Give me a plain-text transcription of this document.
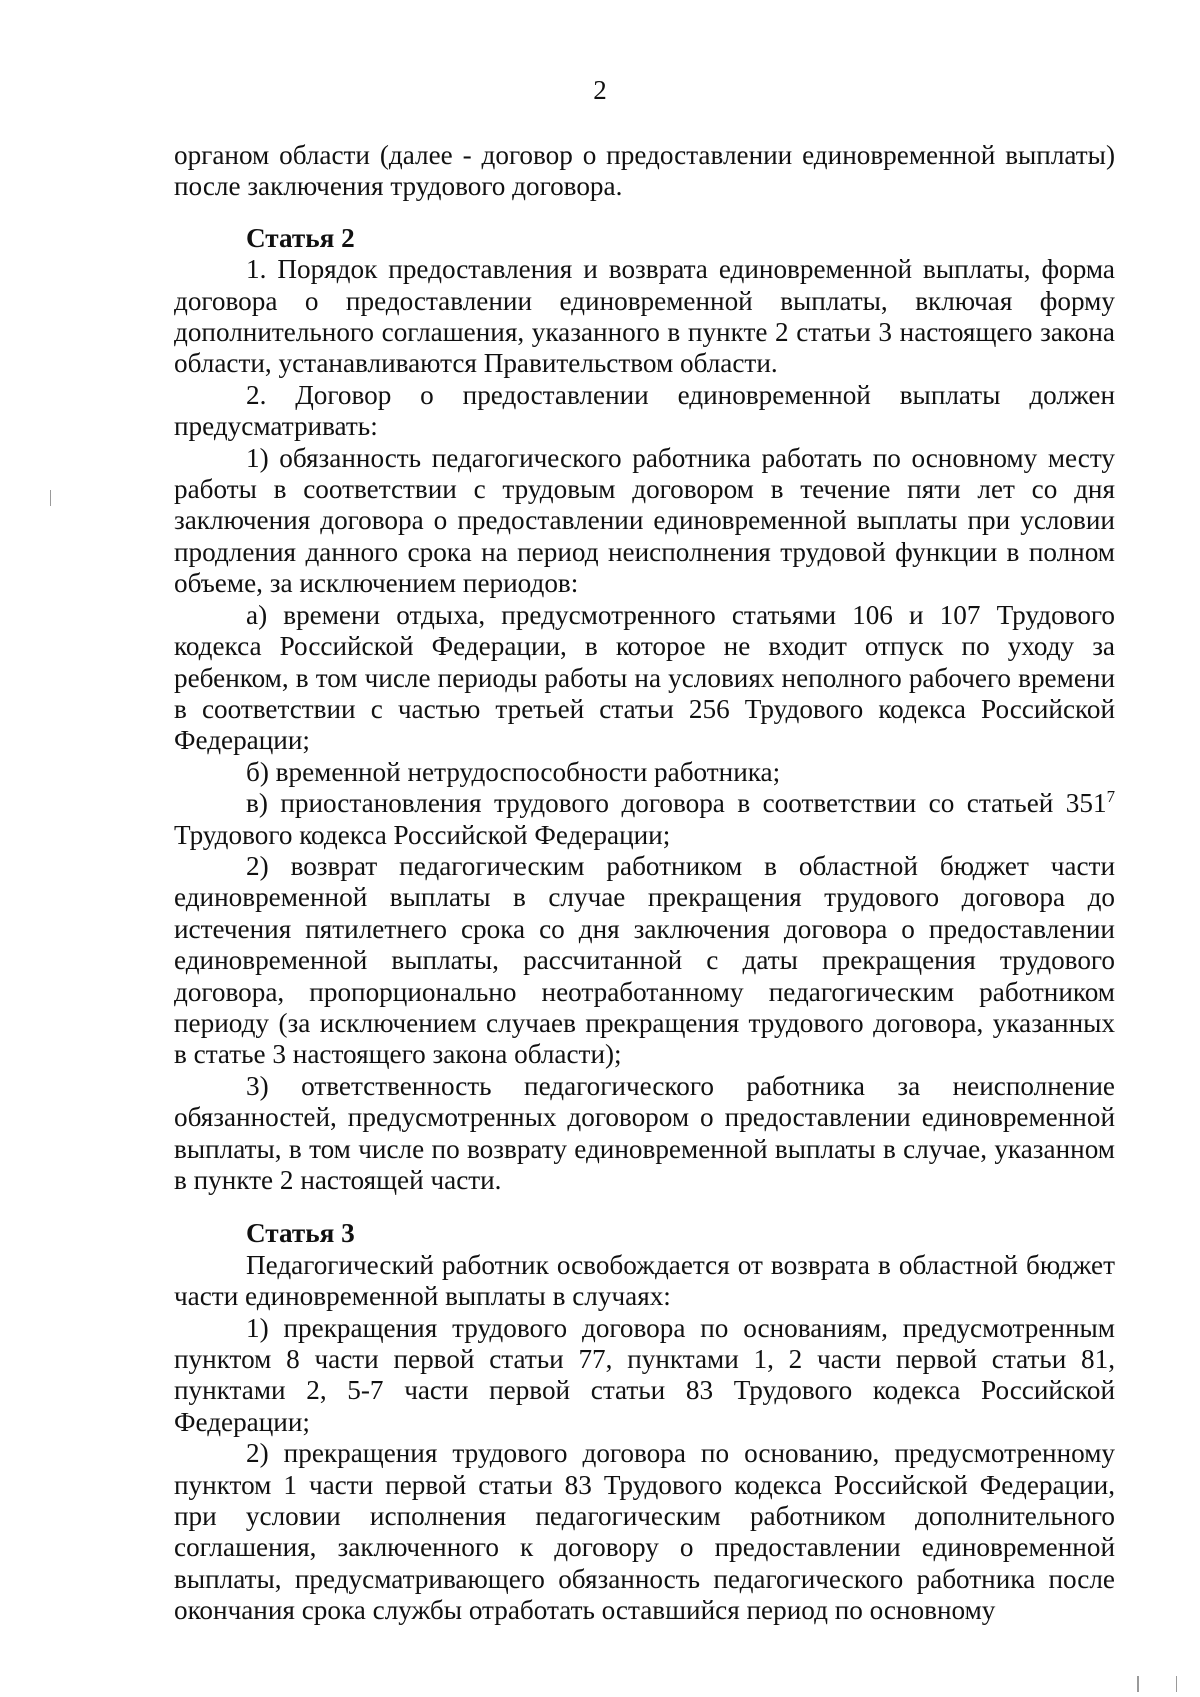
2

органом области (далее - договор о предоставлении единовременной выплаты) после заключения трудового договора.

Статья 2

1. Порядок предоставления и возврата единовременной выплаты, форма договора о предоставлении единовременной выплаты, включая форму дополнительного соглашения, указанного в пункте 2 статьи 3 настоящего закона области, устанавливаются Правительством области.

2. Договор о предоставлении единовременной выплаты должен предусматривать:

1) обязанность педагогического работника работать по основному месту работы в соответствии с трудовым договором в течение пяти лет со дня заключения договора о предоставлении единовременной выплаты при условии продления данного срока на период неисполнения трудовой функции в полном объеме, за исключением периодов:

а) времени отдыха, предусмотренного статьями 106 и 107 Трудового кодекса Российской Федерации, в которое не входит отпуск по уходу за ребенком, в том числе периоды работы на условиях неполного рабочего времени в соответствии с частью третьей статьи 256 Трудового кодекса Российской Федерации;

б) временной нетрудоспособности работника;

в) приостановления трудового договора в соответствии со статьей $351^7$ Трудового кодекса Российской Федерации;

2) возврат педагогическим работником в областной бюджет части единовременной выплаты в случае прекращения трудового договора до истечения пятилетнего срока со дня заключения договора о предоставлении единовременной выплаты, рассчитанной с даты прекращения трудового договора, пропорционально неотработанному педагогическим работником периоду (за исключением случаев прекращения трудового договора, указанных в статье 3 настоящего закона области);

3) ответственность педагогического работника за неисполнение обязанностей, предусмотренных договором о предоставлении единовременной выплаты, в том числе по возврату единовременной выплаты в случае, указанном в пункте 2 настоящей части.

Статья 3

Педагогический работник освобождается от возврата в областной бюджет части единовременной выплаты в случаях:

1) прекращения трудового договора по основаниям, предусмотренным пунктом 8 части первой статьи 77, пунктами 1, 2 части первой статьи 81, пунктами 2, 5-7 части первой статьи 83 Трудового кодекса Российской Федерации;

2) прекращения трудового договора по основанию, предусмотренному пунктом 1 части первой статьи 83 Трудового кодекса Российской Федерации, при условии исполнения педагогическим работником дополнительного соглашения, заключенного к договору о предоставлении единовременной выплаты, предусматривающего обязанность педагогического работника после окончания срока службы отработать оставшийся период по основному
